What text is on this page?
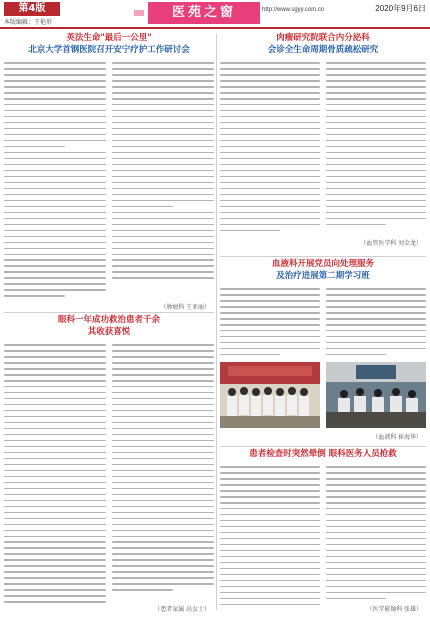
第4版
本版编辑：王艳形
医苑之窗	http://www.sgyy.com.cn	2020年9月6日
英法生命"最后一公里"
北京大学首钢医院召开安宁疗护工作研讨会
（肿瘤科 王亚丽）
肉瘤研究院联合内分泌科
会诊全生命周期骨质疏松研究
（血管医学科 刘金龙）
血液科开展党员向处理服务
及治疗进展第二期学习班
（血液科 崔海华）
患者检查时突然晕倒 眼科医务人员抢救
（医学影像科 张雄）
眼科一年成功救治患者千余
其收获喜悦
（患者家属 高女士）
